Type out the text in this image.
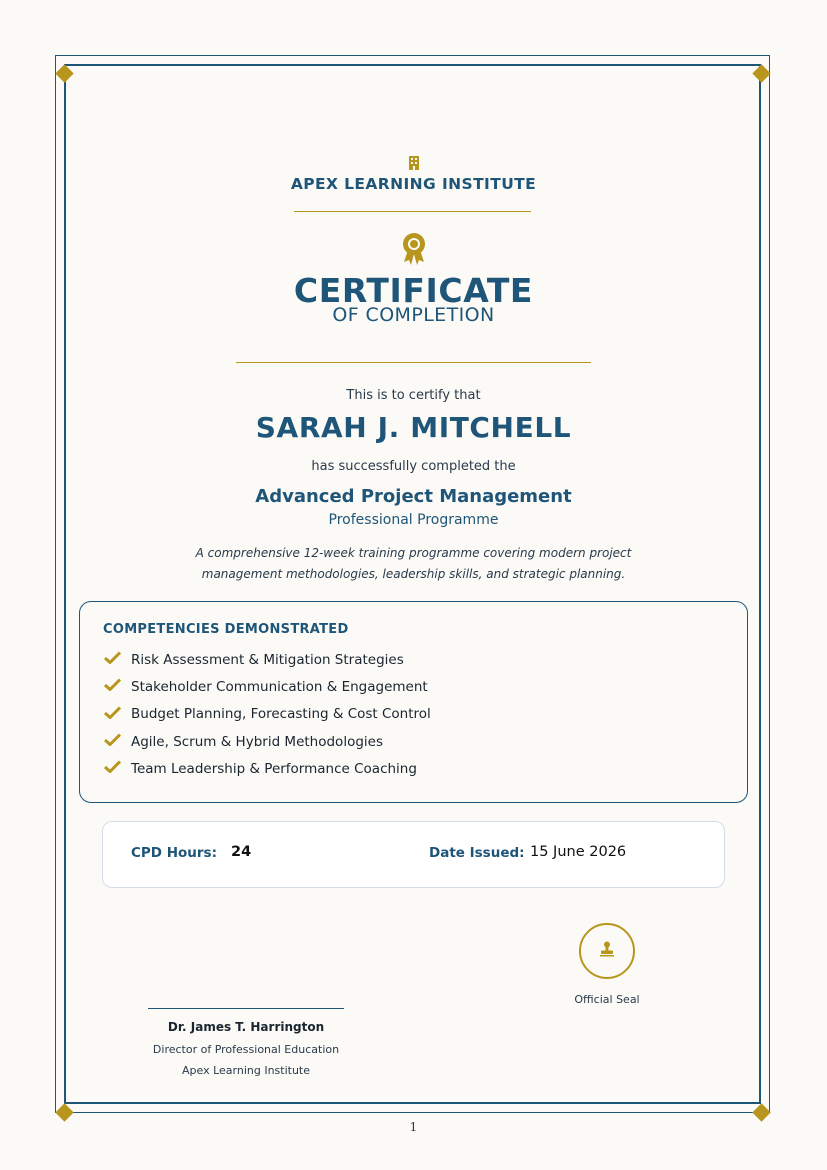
APEX LEARNING INSTITUTE
CERTIFICATE
OF COMPLETION
This is to certify that
SARAH J. MITCHELL
has successfully completed the
Advanced Project Management
Professional Programme
A comprehensive 12-week training programme covering modern project
management methodologies, leadership skills, and strategic planning.
COMPETENCIES DEMONSTRATED
Risk Assessment & Mitigation Strategies
Stakeholder Communication & Engagement
Budget Planning, Forecasting & Cost Control
Agile, Scrum & Hybrid Methodologies
Team Leadership & Performance Coaching
CPD Hours: 24	Date Issued: 15 June 2026
Official Seal
Dr. James T. Harrington
Director of Professional Education
Apex Learning Institute
1
